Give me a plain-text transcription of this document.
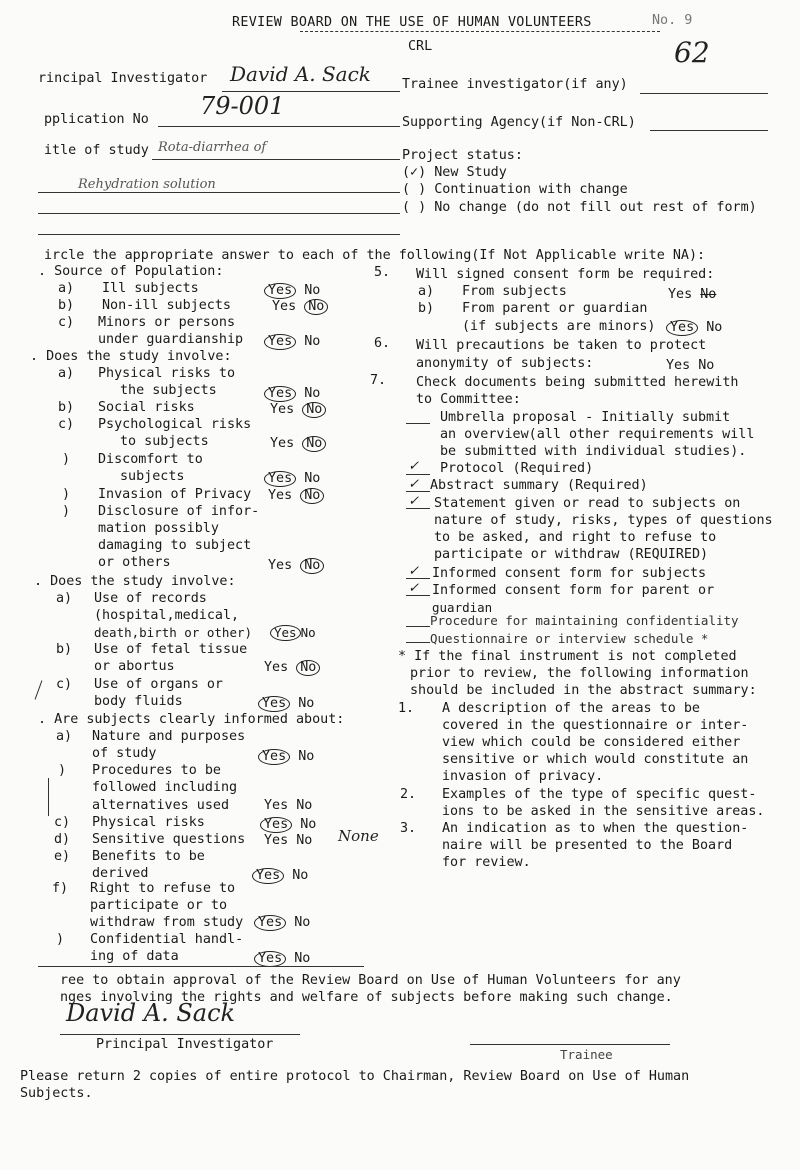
REVIEW BOARD ON THE USE OF HUMAN VOLUNTEERS
CRL
No. 9
62
rincipal Investigator David A. Sack Trainee investigator(if any)
pplication No 79-001
Supporting Agency(if Non-CRL)
itle of study Rota-diarrhea of
Rehydration solution
Project status:
(✓) New Study
( ) Continuation with change
( ) No change (do not fill out rest of form)
ircle the appropriate answer to each of the following(If Not Applicable write NA):
. Source of Population:
a) Ill subjects	Yes No
b) Non-ill subjects	Yes No
c) Minors or persons
under guardianship Yes No
. Does the study involve:
a) Physical risks to
the subjects	Yes No
b) Social risks	Yes No
c) Psychological risks
to subjects	Yes No
) Discomfort to
subjects	Yes No
) Invasion of Privacy Yes No
) Disclosure of infor-
mation possibly
damaging to subject
or others	Yes No
. Does the study involve:
a) Use of records
(hospital,medical,
death,birth or other)	Yes No
b) Use of fetal tissue
or abortus	Yes No
c) Use of organs or
body fluids	Yes No
. Are subjects clearly informed about:
a) Nature and purposes
of study	Yes No
) Procedures to be
followed including
alternatives used	Yes No
c) Physical risks	Yes No
d) Sensitive questions Yes No None
e) Benefits to be
derived	Yes No
f) Right to refuse to
participate or to
withdraw from study Yes No
) Confidential handl-
ing of data	Yes No
5. Will signed consent form be required:
a) From subjects	Yes No
b) From parent or guardian
(if subjects are minors) Yes No
6. Will precautions be taken to protect
anonymity of subjects:	Yes No
7. Check documents being submitted herewith
to Committee:
Umbrella proposal - Initially submit
an overview(all other requirements will
be submitted with individual studies).
✓ Protocol (Required)
✓ Abstract summary (Required)
✓ Statement given or read to subjects on
nature of study, risks, types of questions
to be asked, and right to refuse to
participate or withdraw (REQUIRED)
✓ Informed consent form for subjects
✓ Informed consent form for parent or
guardian
Procedure for maintaining confidentiality
Questionnaire or interview schedule *
* If the final instrument is not completed
prior to review, the following information
should be included in the abstract summary:
1. A description of the areas to be
covered in the questionnaire or inter-
view which could be considered either
sensitive or which would constitute an
invasion of privacy.
2. Examples of the type of specific quest-
ions to be asked in the sensitive areas.
3. An indication as to when the question-
naire will be presented to the Board
for review.
ree to obtain approval of the Review Board on Use of Human Volunteers for any
nges involving the rights and welfare of subjects before making such change.
David A. Sack
Principal Investigator
Trainee
Please return 2 copies of entire protocol to Chairman, Review Board on Use of Human
Subjects.
